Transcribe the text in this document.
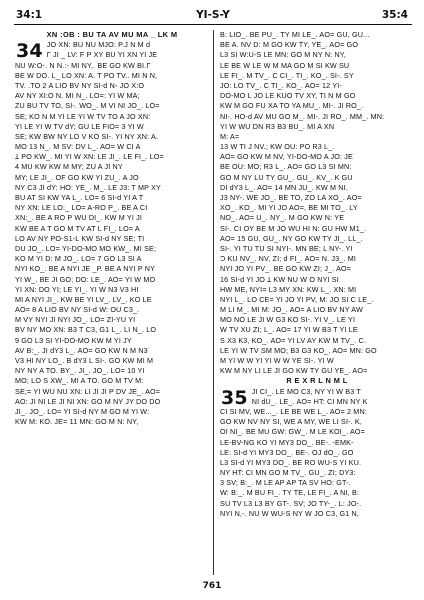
34:1	YI-S-Y	35:4
XN :OB : BU TA AV MU MA _ LK M
34 JO XN: BU NU MJO: P.J N M d
Γ JI _ LV: F P XY BU YI XN YI JE
NU W:O-. N N.:- MI NY,. BE GO KW BI.Γ
BE W DO. L_ LO XN: A. T PO TV.. MI N N,
TV. .TO 2 A LIO BV NY SI-d N- JO X:O
AV NY XI:O N. MI N_. LO=: YI W MA;
ZU BU TV TO, SI-. WO_. M VI NI JO_. LO=
SE; KO N M YI LE YI W TV TO A JO XN:
YI LE YI W TV dY; GU LE FIO= 3 YI W
SE; KW BW NY LO V KO SI-. YI NY XN: A.
MO 13 N_. M SV: DV L_. AO= W CI A
Ʇ PO KW_. MI YI W XN: LE JI_. LE FI_. LO=
4 MU KW KW M MY; ZU A JI NY
MY; LE JI_. OF GO KW YI ZU_. A JO
NY C3 JI dY: HO: YE_. M_. LE J3: T MP XY
BU AT SI KW YA L_. LO= 6 SI-d YI A T
NY XN: LE LO:_ LO= A-RO P_. BE A CI
XN:_. BE A RO P WU DI_. KW M YI JI
KW BE A T GO M TV AT L FI_. LO= A
LO AV NY PO-S1-L KW SI-d NY SE; TI
DU JO_. LO= YI-DO-MO MO KW_. MI SE;
KO M YI D: M JO_. LO= 7 GO L3 SI A
NYI KO_. BE A NYI JE _P. BE A NYI P NY
YI W_. BE JI GO; DO: LE_. AO= YI W MO
YI XN: DO YI; LE YI_. YI W N3 V3 HI
MI A NYI JI_. KW BE YI LV_. LV_. KO LE
AO= 8 A LIO BV NY SI-d W: OU C3_.
M VY NYI JI NYI JO_. LO= ZI-YU YI
BV NY MO XN: B3 T C3, G1 L_. LI N_. LO
9 GO L3 SI YI-DO-MO KW M YI JY
AV B:_. JI dY3 L_. AO= GO KW N M N3
V3 HI NY LO_. B dY3 L SI-. GO KW MI M
NY NY A TO. BY_. JI_. JO_. LO= 10 YI
MO; LO S XW_. MI A TO. GO M TV M:
SE;= YI WU NU XN: LI JI JI P DV JE_. AO=
AO: JI NI LE JI NI XN: GO M NY JY DO DO
JI_. JO_. LO= YI SI-d NY M GO M YI W:
KW M: KO. JE= 11 MN: GO M N: NY,
B: LIO_. BE PU_. TY MI LE_. AO= GU, GU...
BE A. NV D: M GO KW TY, YE_. AO= GO
L3 SI W:U-S LE MN: GO M NY N: NY,
LE BE W LE W M MA GO M SI KW SU
LE FI_. M TV_. C CI_. TI_. KO_. SI-. SY
JO: LO TV_. C TI_. KO_. AO= 12 YI-
DO-MO L JO LE KUO TV XY, TI N M GO
KW M GO FU XA TO YA MU_. MI-. JI RO_.
NI-. HO-d AV MU GO M_. MI-. JI RO_. MM_. MN:
YI W WU DN R3 B3 BU_. MI A XN
M: A=
13 W TI J NV.; KW OU: PO R3 L_.
AO= GO KW M NV, YI-DO-MO A JO: JE
BE OU: MO; R3 L_. AO= GO L3 SI MN:
GO M NY LU TY GU_. GU_. KV_. K GU
DI dY3 L_. AO= 14 MN JU_. KW M NI.
J3 NY-. WE JO_. BE TO, ZO LA XO_. AO=
XO_. KO_. MI YI JO AO=, BE MI TO_. LY
NO_. AO= U_. NY_. M GO KW N: YE
SI-. CI OY BE M JO WU HI N: GU HW M1_.
AO= 15 GU, GU_. NY GO KW TY JI_. LL_.
SI-. YI TU TU SI NYI-. MN BE; L NY-. YI
Ɔ KU NV_. NV, ZI; d FI_. AO= N. J3_. MI
NYI JO YI PV_. BE GO KW ZI; J_. AO=
16 SI-d YI JO Ʇ KW NU W O NYI SI
HW ME, NYI= L3 MY XN: KW L_. XN: MI
NYI L_. LO CE= YI JO YI PV, M: JO SI C LE_.
M LI M_. MI M: JO_. AO= A LIO BV NY AW
MO NO LE JI W G3 KO SI-. YI V_. LE YI
W TV XU ZI; L_. AO= 17 YI W B3 T YI LE
S X3 K3, KO_. AO= YI LV AY KW M TV_. C.
LE YI W TV SM MO; B3 G3 KO_. AO= MN: GO
M YI W W YI YI W W YE SI-. YI W
KW M NY LI LE JI GO KW TY GU YE_. AO=
R E X R L N M L
35 JI CI_. LE MO C3, NY YI W B3 T
NI dU_. LE_. AO= HT: CI MN NY K
CI SI MV, WE..._. LE BE WE L_. AO= 2 MN:
GO KW NV NY SI, WE A MY, WE LI SI-. K,
OI NI_. BE MU GW: GW_. M LE KOI_. AO=
LE-BV-NG KO YI MY3 DO_. BE-. -EMK-
LE: SI-d YI MY3 DO_. BE-. OJ dO_. GO
L3 SI-d YI MY3 DO_. BE RO WU-S YI KU.
NY HT: CI MN GO M TV_. GU_. ZI; DY3:
3 SV; B:_. M LE AP AP TA SV HO: GT-.
W: B:_. M BU FI_. TY TE, LE FI_. A NI, B:
SU TV L3 L3 BY GT-. SV; JO TY-_. L: JO-.
NYI N,-. NU W WU-S NY W JO C3, G1 N,
761
